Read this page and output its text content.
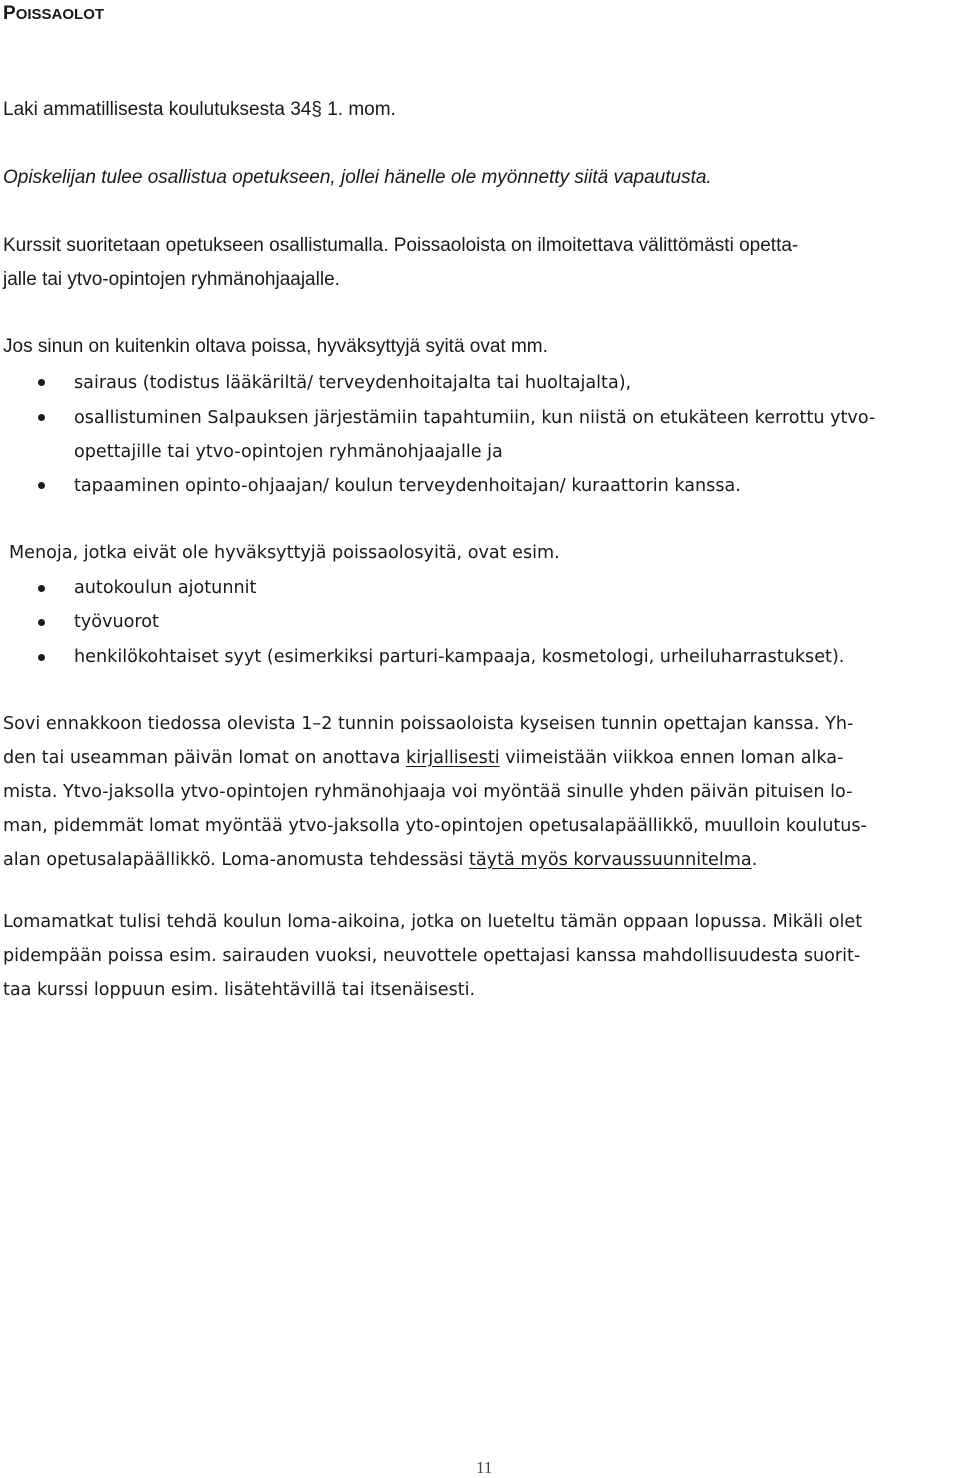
POISSAOLOT
Laki ammatillisesta koulutuksesta 34§ 1. mom.
Opiskelijan tulee osallistua opetukseen, jollei hänelle ole myönnetty siitä vapautusta.
Kurssit suoritetaan opetukseen osallistumalla. Poissaoloista on ilmoitettava välittömästi opetta-
jalle tai ytvo-opintojen ryhmänohjaajalle.
Jos sinun on kuitenkin oltava poissa, hyväksyttyjä syitä ovat mm.
sairaus (todistus lääkäriltä/ terveydenhoitajalta tai huoltajalta),
osallistuminen Salpauksen järjestämiin tapahtumiin, kun niistä on etukäteen kerrottu ytvo-
opettajille tai ytvo-opintojen ryhmänohjaajalle ja
tapaaminen opinto-ohjaajan/ koulun terveydenhoitajan/ kuraattorin kanssa.
Menoja, jotka eivät ole hyväksyttyjä poissaolosyitä, ovat esim.
autokoulun ajotunnit
työvuorot
henkilökohtaiset syyt (esimerkiksi parturi-kampaaja, kosmetologi, urheiluharrastukset).
Sovi ennakkoon tiedossa olevista 1–2 tunnin poissaoloista kyseisen tunnin opettajan kanssa. Yh-
den tai useamman päivän lomat on anottava kirjallisesti viimeistään viikkoa ennen loman alka-
mista. Ytvo-jaksolla ytvo-opintojen ryhmänohjaaja voi myöntää sinulle yhden päivän pituisen lo-
man, pidemmät lomat myöntää ytvo-jaksolla yto-opintojen opetusalapäällikkö, muulloin koulutus-
alan opetusalapäällikkö. Loma-anomusta tehdessäsi täytä myös korvaussuunnitelma.
Lomamatkat tulisi tehdä koulun loma-aikoina, jotka on lueteltu tämän oppaan lopussa. Mikäli olet
pidempään poissa esim. sairauden vuoksi, neuvottele opettajasi kanssa mahdollisuudesta suorit-
taa kurssi loppuun esim. lisätehtävillä tai itsenäisesti.
11
